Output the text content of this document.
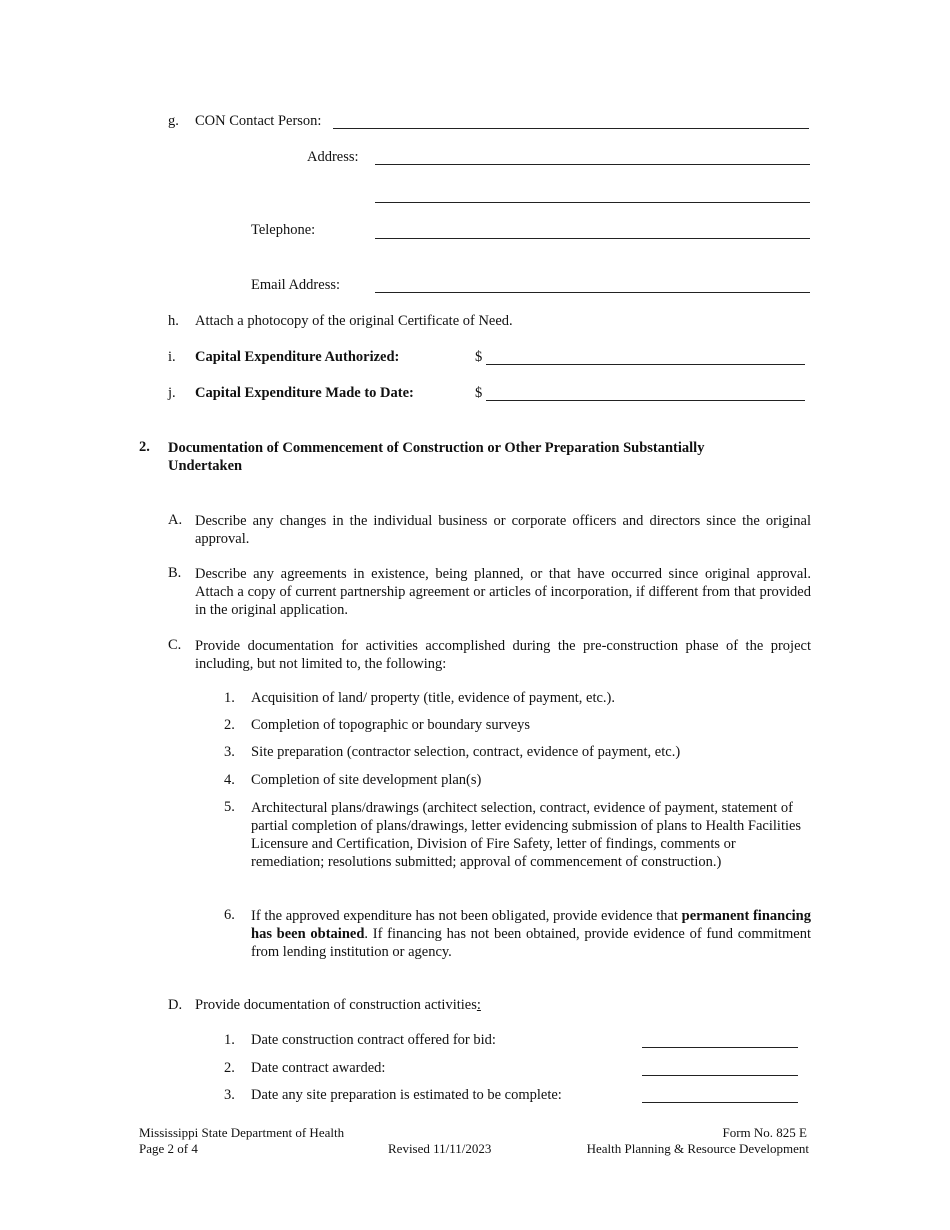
g. CON Contact Person:
Address:
Telephone:
Email Address:
h. Attach a photocopy of the original Certificate of Need.
i. Capital Expenditure Authorized:	$
j. Capital Expenditure Made to Date:	$
2. Documentation of Commencement of Construction or Other Preparation Substantially Undertaken
A. Describe any changes in the individual business or corporate officers and directors since the original approval.
B. Describe any agreements in existence, being planned, or that have occurred since original approval. Attach a copy of current partnership agreement or articles of incorporation, if different from that provided in the original application.
C. Provide documentation for activities accomplished during the pre-construction phase of the project including, but not limited to, the following:
1. Acquisition of land/ property (title, evidence of payment, etc.).
2. Completion of topographic or boundary surveys
3. Site preparation (contractor selection, contract, evidence of payment, etc.)
4. Completion of site development plan(s)
5. Architectural plans/drawings (architect selection, contract, evidence of payment, statement of partial completion of plans/drawings, letter evidencing submission of plans to Health Facilities Licensure and Certification, Division of Fire Safety, letter of findings, comments or remediation; resolutions submitted; approval of commencement of construction.)
6. If the approved expenditure has not been obligated, provide evidence that permanent financing has been obtained. If financing has not been obtained, provide evidence of fund commitment from lending institution or agency.
D. Provide documentation of construction activities:
1. Date construction contract offered for bid:
2. Date contract awarded:
3. Date any site preparation is estimated to be complete:
Mississippi State Department of Health
Page 2 of 4	Revised 11/11/2023
Form No. 825 E
Health Planning & Resource Development
